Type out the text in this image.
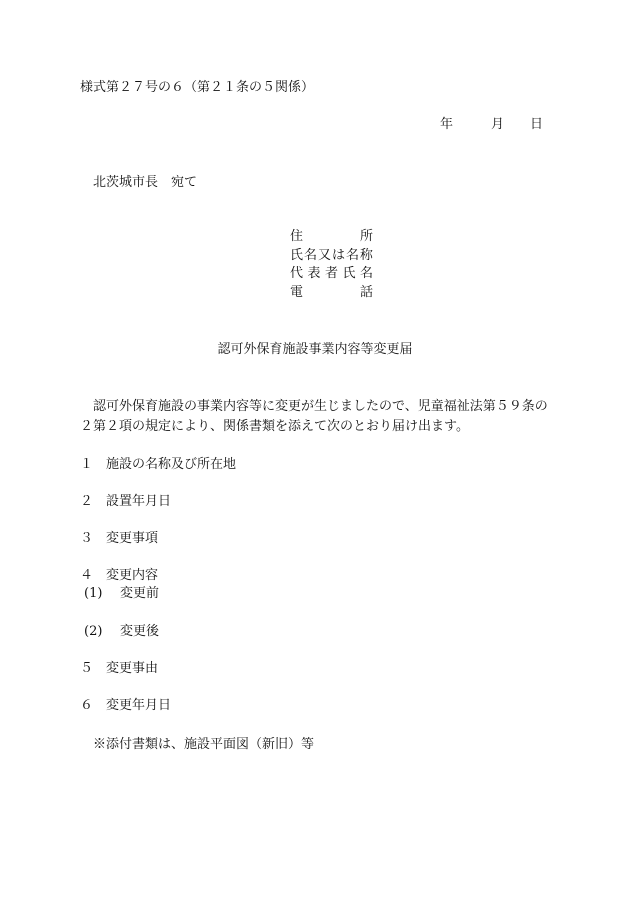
様式第２７号の６（第２１条の５関係）
年	月 日
北茨城市長　宛て
住	所
氏 名 又 は 名 称
代 表 者 氏 名
電	話
認可外保育施設事業内容等変更届
認可外保育施設の事業内容等に変更が生じましたので、児童福祉法第５９条の２第２項の規定により、関係書類を添えて次のとおり届け出ます。
１ 施設の名称及び所在地
２ 設置年月日
３ 変更事項
４ 変更内容
(1) 変更前
(2) 変更後
５ 変更事由
６ 変更年月日
※添付書類は、施設平面図（新旧）等
